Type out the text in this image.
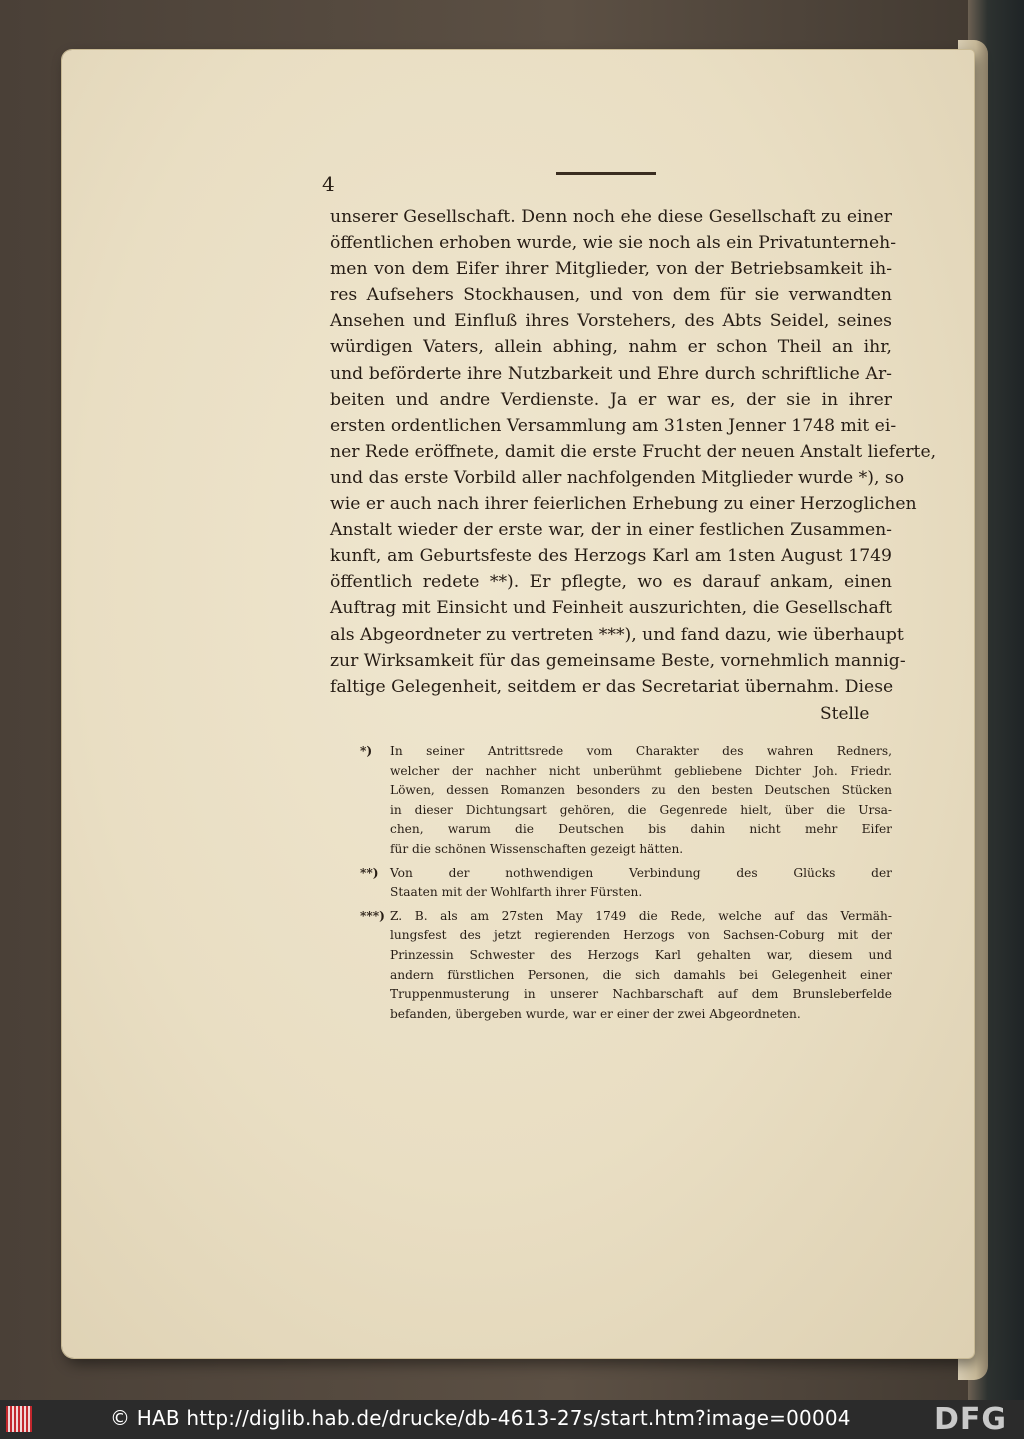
4
unserer Gesellschaft. Denn noch ehe diese Gesellschaft zu einer
öffentlichen erhoben wurde, wie sie noch als ein Privatunterneh-
men von dem Eifer ihrer Mitglieder, von der Betriebsamkeit ih-
res Aufsehers Stockhausen, und von dem für sie verwandten
Ansehen und Einfluß ihres Vorstehers, des Abts Seidel, seines
würdigen Vaters, allein abhing, nahm er schon Theil an ihr,
und beförderte ihre Nutzbarkeit und Ehre durch schriftliche Ar-
beiten und andre Verdienste. Ja er war es, der sie in ihrer
ersten ordentlichen Versammlung am 31sten Jenner 1748 mit ei-
ner Rede eröffnete, damit die erste Frucht der neuen Anstalt lieferte,
und das erste Vorbild aller nachfolgenden Mitglieder wurde *), so
wie er auch nach ihrer feierlichen Erhebung zu einer Herzoglichen
Anstalt wieder der erste war, der in einer festlichen Zusammen-
kunft, am Geburtsfeste des Herzogs Karl am 1sten August 1749
öffentlich redete **). Er pflegte, wo es darauf ankam, einen
Auftrag mit Einsicht und Feinheit auszurichten, die Gesellschaft
als Abgeordneter zu vertreten ***), und fand dazu, wie überhaupt
zur Wirksamkeit für das gemeinsame Beste, vornehmlich mannig-
faltige Gelegenheit, seitdem er das Secretariat übernahm. Diese
Stelle
*) In seiner Antrittsrede vom Charakter des wahren Redners,
welcher der nachher nicht unberühmt gebliebene Dichter Joh. Friedr.
Löwen, dessen Romanzen besonders zu den besten Deutschen Stücken
in dieser Dichtungsart gehören, die Gegenrede hielt, über die Ursa-
chen, warum die Deutschen bis dahin nicht mehr Eifer
für die schönen Wissenschaften gezeigt hätten.
**) Von der nothwendigen Verbindung des Glücks der
Staaten mit der Wohlfarth ihrer Fürsten.
***) Z. B. als am 27sten May 1749 die Rede, welche auf das Vermäh-
lungsfest des jetzt regierenden Herzogs von Sachsen-Coburg mit der
Prinzessin Schwester des Herzogs Karl gehalten war, diesem und
andern fürstlichen Personen, die sich damahls bei Gelegenheit einer
Truppenmusterung in unserer Nachbarschaft auf dem Brunsleberfelde
befanden, übergeben wurde, war er einer der zwei Abgeordneten.
© HAB http://diglib.hab.de/drucke/db-4613-27s/start.htm?image=00004	DFG
